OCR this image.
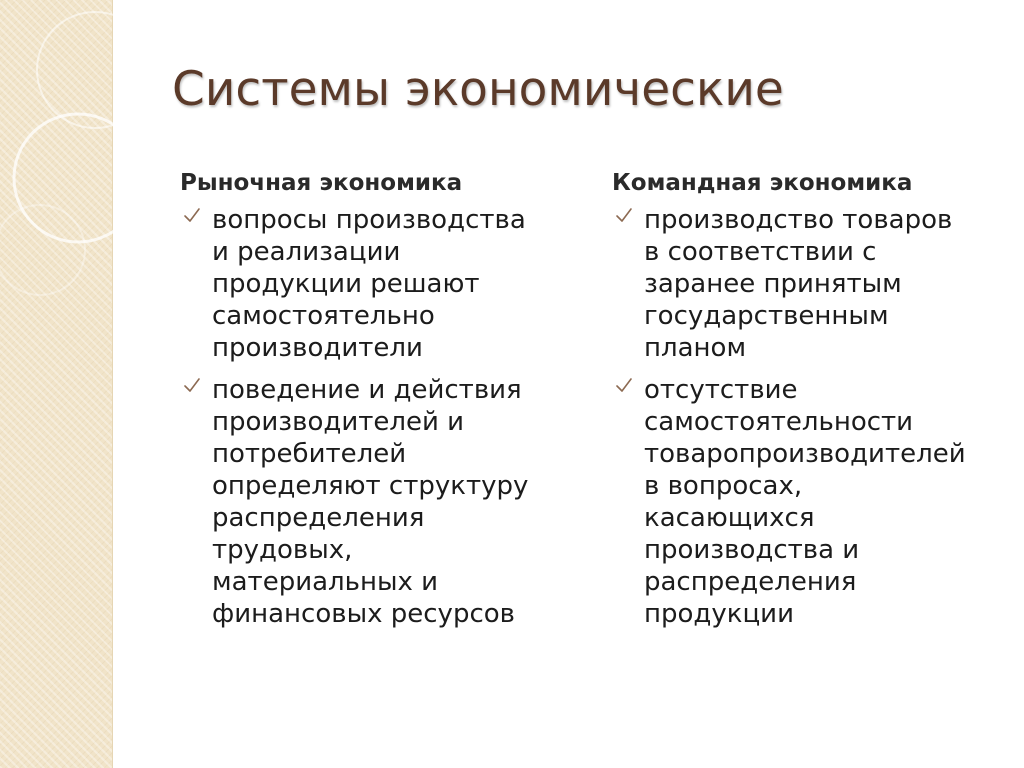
Системы экономические
Рыночная экономика
вопросы производства
и реализации
продукции решают
самостоятельно
производители
поведение и действия
производителей и
потребителей
определяют структуру
распределения
трудовых,
материальных и
финансовых ресурсов
Командная экономика
производство товаров
в соответствии с
заранее принятым
государственным
планом
отсутствие
самостоятельности
товаропроизводителей
в вопросах,
касающихся
производства и
распределения
продукции
